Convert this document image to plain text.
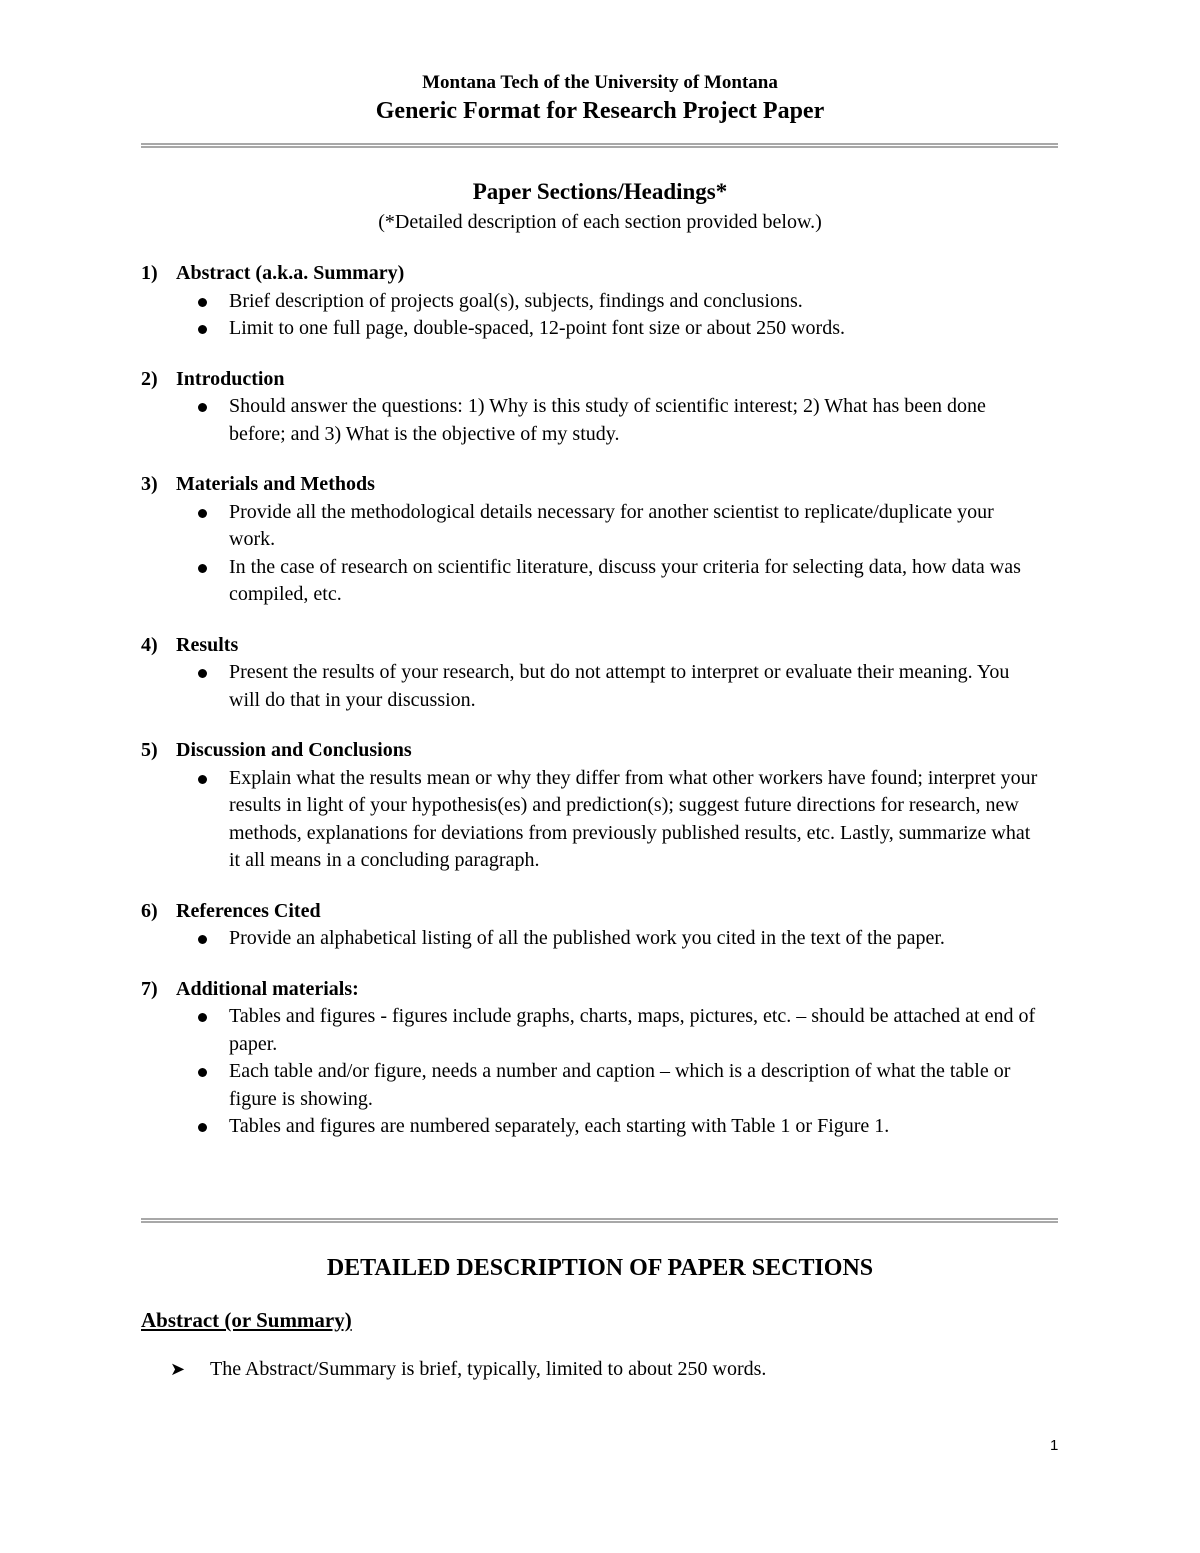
Montana Tech of the University of Montana
Generic Format for Research Project Paper
Paper Sections/Headings*
(*Detailed description of each section provided below.)
1) Abstract (a.k.a. Summary)
Brief description of projects goal(s), subjects, findings and conclusions.
Limit to one full page, double-spaced, 12-point font size or about 250 words.
2) Introduction
Should answer the questions: 1) Why is this study of scientific interest; 2) What has been done before; and 3) What is the objective of my study.
3) Materials and Methods
Provide all the methodological details necessary for another scientist to replicate/duplicate your work.
In the case of research on scientific literature, discuss your criteria for selecting data, how data was compiled, etc.
4) Results
Present the results of your research, but do not attempt to interpret or evaluate their meaning. You will do that in your discussion.
5) Discussion and Conclusions
Explain what the results mean or why they differ from what other workers have found; interpret your results in light of your hypothesis(es) and prediction(s); suggest future directions for research, new methods, explanations for deviations from previously published results, etc. Lastly, summarize what it all means in a concluding paragraph.
6) References Cited
Provide an alphabetical listing of all the published work you cited in the text of the paper.
7) Additional materials:
Tables and figures - figures include graphs, charts, maps, pictures, etc. – should be attached at end of paper.
Each table and/or figure, needs a number and caption – which is a description of what the table or figure is showing.
Tables and figures are numbered separately, each starting with Table 1 or Figure 1.
DETAILED DESCRIPTION OF PAPER SECTIONS
Abstract (or Summary)
➤	The Abstract/Summary is brief, typically, limited to about 250 words.
1
